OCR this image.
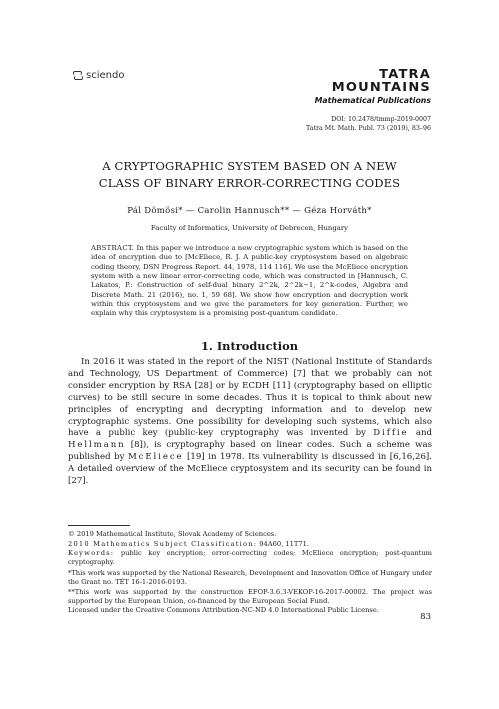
sciendo	TATRA
MOUNTAINS
Mathematical Publications
DOI: 10.2478/tmmp-2019-0007
Tatra Mt. Math. Publ. 73 (2019), 83–96
A CRYPTOGRAPHIC SYSTEM BASED ON A NEW
CLASS OF BINARY ERROR-CORRECTING CODES
Pál Dömösi* — Carolin Hannusch** — Géza Horváth*
Faculty of Informatics, University of Debrecen, Hungary
ABSTRACT. In this paper we introduce a new cryptographic system which is based on the idea of encryption due to [McEliece, R. J. A public-key cryptosystem based on algebraic coding theory, DSN Progress Report. 44, 1978, 114 116]. We use the McEliece encryption system with a new linear error-correcting code, which was constructed in [Hannusch, C. Lakatos, P.: Construction of self-dual binary 2^2k, 2^2k−1, 2^k-codes, Algebra and Discrete Math. 21 (2016), no. 1, 59 68]. We show how encryption and decryption work within this cryptosystem and we give the parameters for key generation. Further, we explain why this cryptosystem is a promising post-quantum candidate.
1. Introduction
In 2016 it was stated in the report of the NIST (National Institute of Standards and Technology, US Department of Commerce) [7] that we probably can not consider encryption by RSA [28] or by ECDH [11] (cryptography based on elliptic curves) to be still secure in some decades. Thus it is topical to think about new principles of encrypting and decrypting information and to develop new cryptographic systems. One possibility for developing such systems, which also have a public key (public-key cryptography was invented by Diffie and Hellmann [8]), is cryptography based on linear codes. Such a scheme was published by McEliece [19] in 1978. Its vulnerability is discussed in [6,16,26]. A detailed overview of the McEliece cryptosystem and its security can be found in [27].
© 2019 Mathematical Institute, Slovak Academy of Sciences.
2010 Mathematics Subject Classification: 94A60, 11T71.
Keywords: public key encryption; error-correcting codes; McEliece encryption; post-quantum cryptography.
*This work was supported by the National Research, Development and Innovation Office of Hungary under the Grant no. TÉT 16-1-2016-0193.
**This work was supported by the construction EFOP-3.6.3-VEKOP-16-2017-00002. The project was supported by the European Union, co-financed by the European Social Fund.
Licensed under the Creative Commons Attribution-NC-ND 4.0 International Public License.
83
